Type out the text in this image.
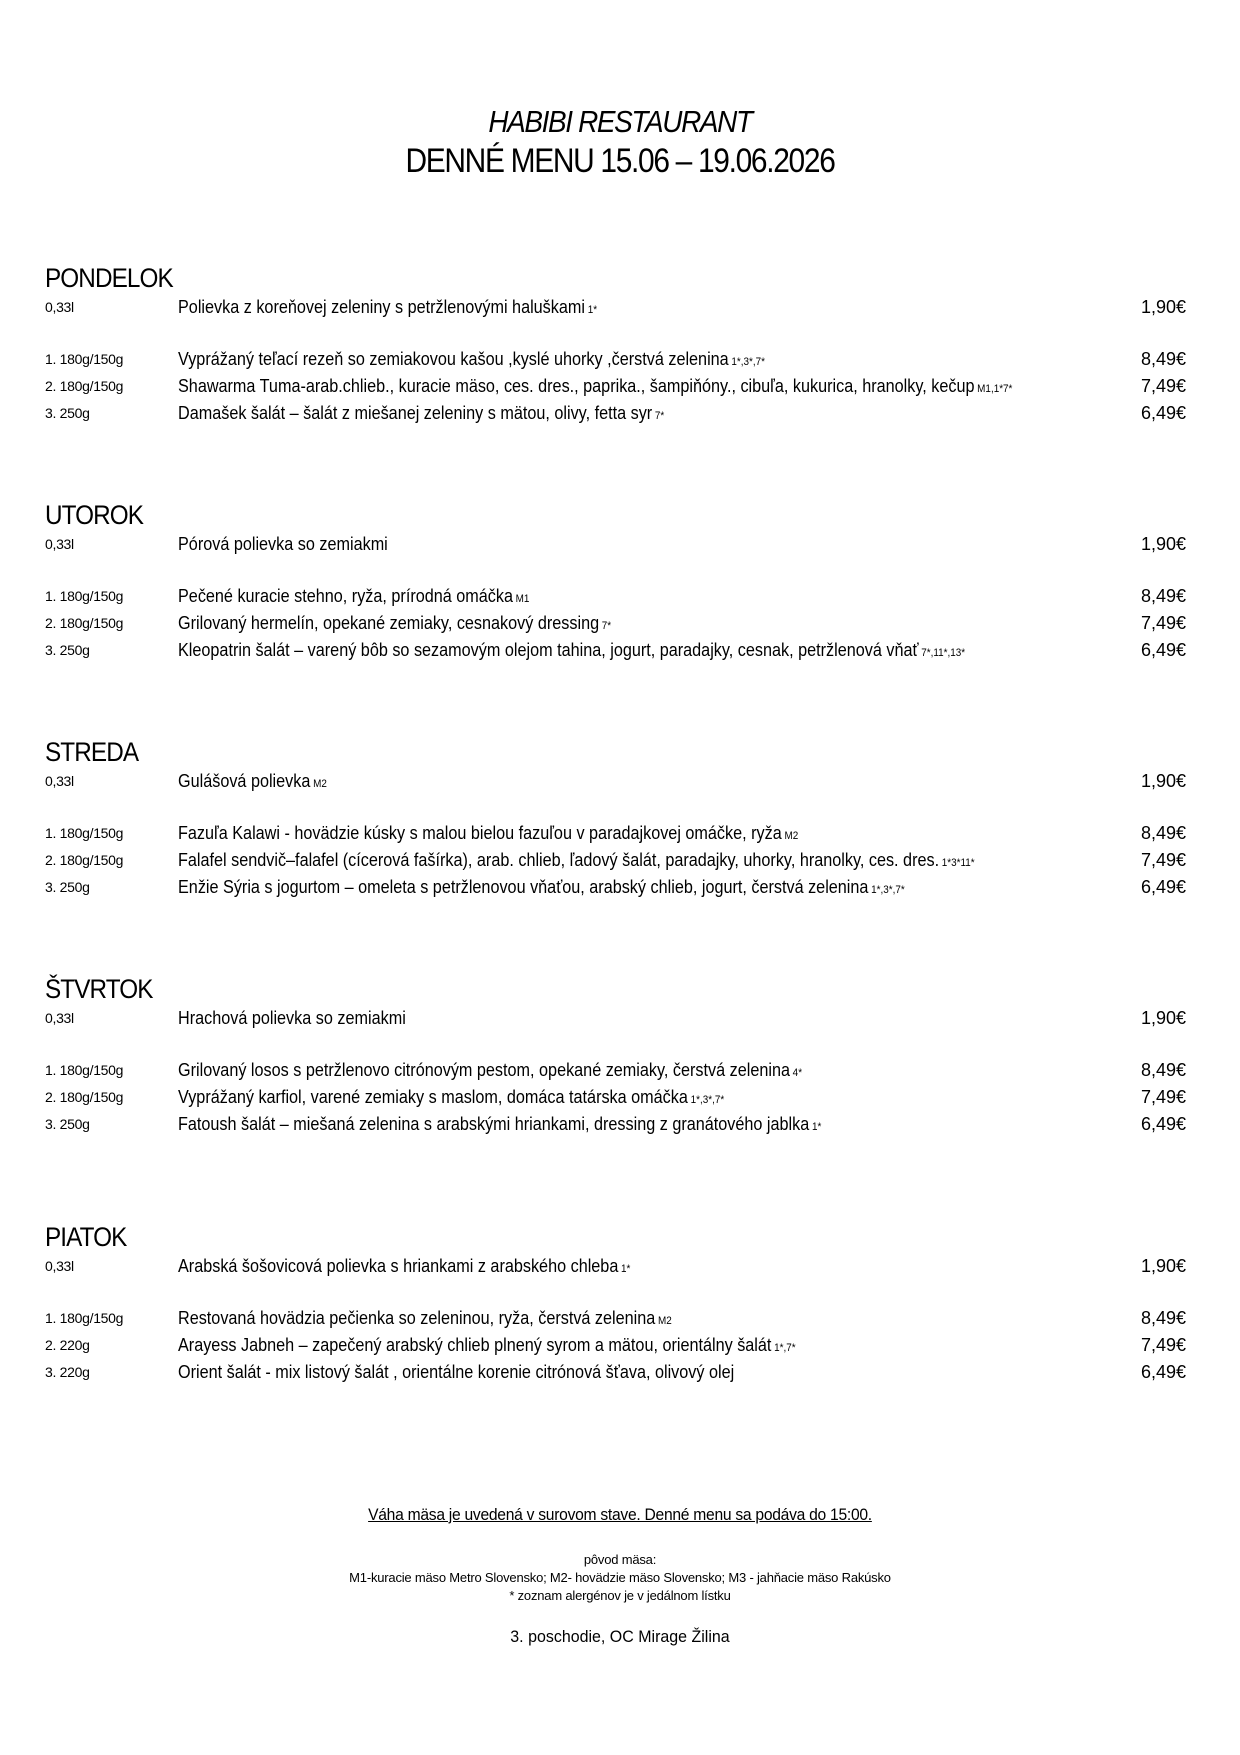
HABIBI RESTAURANT
DENNÉ MENU 15.06 – 19.06.2026
PONDELOK
0,33l	Polievka z koreňovej zeleniny s petržlenovými haluškami 1*	1,90€
1. 180g/150g	Vyprážaný teľací rezeň so zemiakovou kašou ,kyslé uhorky ,čerstvá zelenina 1*,3*,7*	8,49€
2. 180g/150g	Shawarma Tuma-arab.chlieb., kuracie mäso, ces. dres., paprika., šampiňóny., cibuľa, kukurica, hranolky, kečup M1,1*7*	7,49€
3. 250g	Damašek šalát – šalát z miešanej zeleniny s mätou, olivy, fetta syr 7*	6,49€
UTOROK
0,33l	Pórová polievka so zemiakmi	1,90€
1. 180g/150g	Pečené kuracie stehno, ryža, prírodná omáčka M1	8,49€
2. 180g/150g	Grilovaný hermelín, opekané zemiaky, cesnakový dressing 7*	7,49€
3. 250g	Kleopatrin šalát – varený bôb so sezamovým olejom tahina, jogurt, paradajky, cesnak, petržlenová vňať 7*,11*,13*	6,49€
STREDA
0,33l	Gulášová polievka M2	1,90€
1. 180g/150g	Fazuľa Kalawi - hovädzie kúsky s malou bielou fazuľou v paradajkovej omáčke, ryža M2	8,49€
2. 180g/150g	Falafel sendvič–falafel (cícerová fašírka), arab. chlieb, ľadový šalát, paradajky, uhorky, hranolky, ces. dres. 1*3*11*	7,49€
3. 250g	Enžie Sýria s jogurtom – omeleta s petržlenovou vňaťou, arabský chlieb, jogurt, čerstvá zelenina 1*,3*,7*	6,49€
ŠTVRTOK
0,33l	Hrachová polievka so zemiakmi	1,90€
1. 180g/150g	Grilovaný losos s petržlenovo citrónovým pestom, opekané zemiaky, čerstvá zelenina 4*	8,49€
2. 180g/150g	Vyprážaný karfiol, varené zemiaky s maslom, domáca tatárska omáčka 1*,3*,7*	7,49€
3. 250g	Fatoush šalát – miešaná zelenina s arabskými hriankami, dressing z granátového jablka 1*	6,49€
PIATOK
0,33l	Arabská šošovicová polievka s hriankami z arabského chleba 1*	1,90€
1. 180g/150g	Restovaná hovädzia pečienka so zeleninou, ryža, čerstvá zelenina M2	8,49€
2. 220g	Arayess Jabneh – zapečený arabský chlieb plnený syrom a mätou, orientálny šalát 1*,7*	7,49€
3. 220g	Orient šalát - mix listový šalát , orientálne korenie citrónová šťava, olivový olej	6,49€
Váha mäsa je uvedená v surovom stave. Denné menu sa podáva do 15:00.
pôvod mäsa:
M1-kuracie mäso Metro Slovensko; M2- hovädzie mäso Slovensko; M3 - jahňacie mäso Rakúsko
* zoznam alergénov je v jedálnom lístku
3. poschodie, OC Mirage Žilina
